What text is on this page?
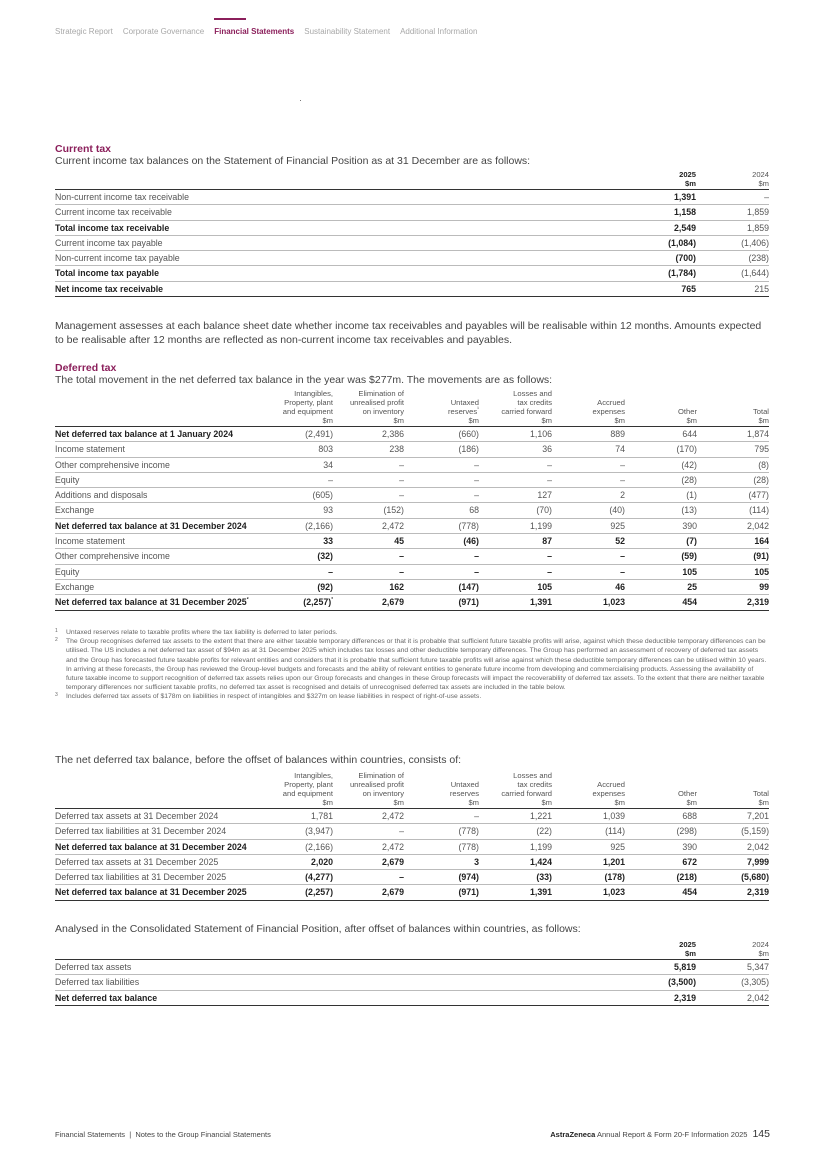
Strategic Report Corporate Governance Financial Statements Sustainability Statement Additional Information
Current tax

Current income tax balances on the Statement of Financial Position as at 31 December are as follows:

	2025
$m	2024
$m
Non-current income tax receivable	1,391	–
Current income tax receivable	1,158	1,859
Total income tax receivable	2,549	1,859
Current income tax payable	(1,084)	(1,406)
Non-current income tax payable	(700)	(238)
Total income tax payable	(1,784)	(1,644)
Net income tax receivable	765	215

Management assesses at each balance sheet date whether income tax receivables and payables will be realisable within 12 months. Amounts expected to be realisable after 12 months are reflected as non-current income tax receivables and payables.

Deferred tax

The total movement in the net deferred tax balance in the year was $277m. The movements are as follows:

	Intangibles,
Property, plant
and equipment
$m	Elimination of
unrealised profit
on inventory
$m	Untaxed
reserves$^{^1}$
$m	Losses and
tax credits
carried forward
$m	Accrued
expenses
$m	Other
$m	Total
$m
Net deferred tax balance at 1 January 2024	(2,491)	2,386	(660)	1,106	889	644	1,874
Income statement	803	238	(186)	36	74	(170)	795
Other comprehensive income	34	–	–	–	–	(42)	(8)
Equity	–	–	–	–	–	(28)	(28)
Additions and disposals	(605)	–	–	127	2	(1)	(477)
Exchange	93	(152)	68	(70)	(40)	(13)	(114)
Net deferred tax balance at 31 December 2024	(2,166)	2,472	(778)	1,199	925	390	2,042
Income statement	33	45	(46)	87	52	(7)	164
Other comprehensive income	(32)	–	–	–	–	(59)	(91)
Equity	–	–	–	–	–	105	105
Exchange	(92)	162	(147)	105	46	25	99
Net deferred tax balance at 31 December $2025^{^2}$	$(2,257)^{^3}$	2,679	(971)	1,391	1,023	454	2,319

1 Untaxed reserves relate to taxable profits where the tax liability is deferred to later periods.

2 The Group recognises deferred tax assets to the extent that there are either taxable temporary differences or that it is probable that sufficient future taxable profits will arise, against which these deductible temporary differences can be utilised. The US includes a net deferred tax asset of $94m as at 31 December 2025 which includes tax losses and other deductible temporary differences. The Group has performed an assessment of recovery of deferred tax assets and the Group has forecasted future taxable profits for relevant entities and considers that it is probable that sufficient future taxable profits will arise against which these deductible temporary differences can be utilised within 10 years. In arriving at these forecasts, the Group has reviewed the Group-level budgets and forecasts and the ability of relevant entities to generate future income from developing and commercialising products. Assessing the availability of future taxable income to support recognition of deferred tax assets relies upon our Group forecasts and changes in these Group forecasts will impact the recoverability of deferred tax assets. To the extent that there are neither taxable temporary differences nor sufficient taxable profits, no deferred tax asset is recognised and details of unrecognised deferred tax assets are included in the table below.

3 Includes deferred tax assets of $178m on liabilities in respect of intangibles and $327m on lease liabilities in respect of right-of-use assets.

The net deferred tax balance, before the offset of balances within countries, consists of:

	Intangibles,
Property, plant
and equipment
$m	Elimination of
unrealised profit
on inventory
$m	Untaxed
reserves
$m	Losses and
tax credits
carried forward
$m	Accrued
expenses
$m	Other
$m	Total
$m
Deferred tax assets at 31 December 2024	1,781	2,472	–	1,221	1,039	688	7,201
Deferred tax liabilities at 31 December 2024	(3,947)	–	(778)	(22)	(114)	(298)	(5,159)
Net deferred tax balance at 31 December 2024	(2,166)	2,472	(778)	1,199	925	390	2,042
Deferred tax assets at 31 December 2025	2,020	2,679	3	1,424	1,201	672	7,999
Deferred tax liabilities at 31 December 2025	(4,277)	–	(974)	(33)	(178)	(218)	(5,680)
Net deferred tax balance at 31 December 2025	(2,257)	2,679	(971)	1,391	1,023	454	2,319

Analysed in the Consolidated Statement of Financial Position, after offset of balances within countries, as follows:

	2025
$m	2024
$m
Deferred tax assets	5,819	5,347
Deferred tax liabilities	(3,500)	(3,305)
Net deferred tax balance	2,319	2,042
Financial Statements  |  Notes to the Group Financial Statements	AstraZeneca Annual Report & Form 20-F Information 2025 145
